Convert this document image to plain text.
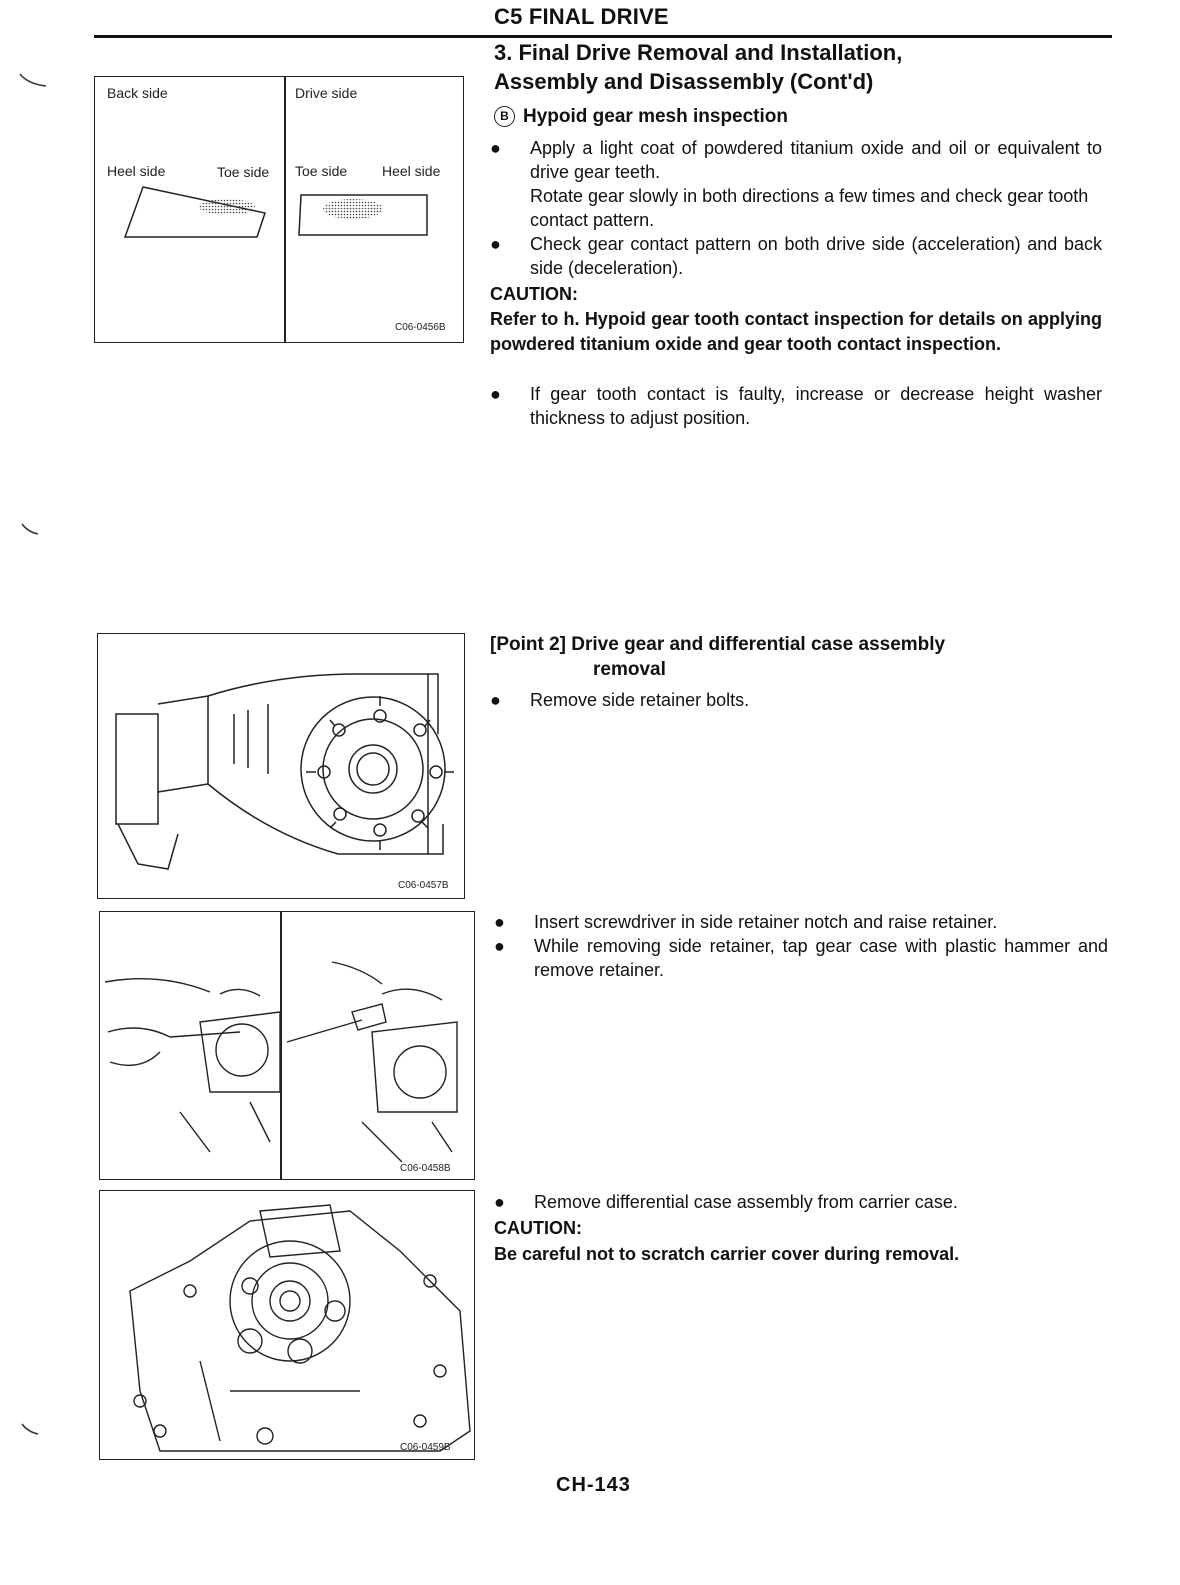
C5 FINAL DRIVE
3. Final Drive Removal and Installation,
Assembly and Disassembly (Cont'd)
Back side	Drive side
Heel side	Toe side Toe side Heel side
C06-0456B
B Hypoid gear mesh inspection
● Apply a light coat of powdered titanium oxide and oil or equivalent to drive gear teeth.
Rotate gear slowly in both directions a few times and check gear tooth contact pattern.
● Check gear contact pattern on both drive side (acceleration) and back side (deceleration).
CAUTION:
Refer to h. Hypoid gear tooth contact inspection for details on applying powdered titanium oxide and gear tooth contact inspection.
● If gear tooth contact is faulty, increase or decrease height washer thickness to adjust position.
C06-0457B
[Point 2] Drive gear and differential case assembly
removal
● Remove side retainer bolts.
C06-0458B
● Insert screwdriver in side retainer notch and raise retainer.
● While removing side retainer, tap gear case with plastic hammer and remove retainer.
C06-0459B
● Remove differential case assembly from carrier case.
CAUTION:
Be careful not to scratch carrier cover during removal.
CH-143
